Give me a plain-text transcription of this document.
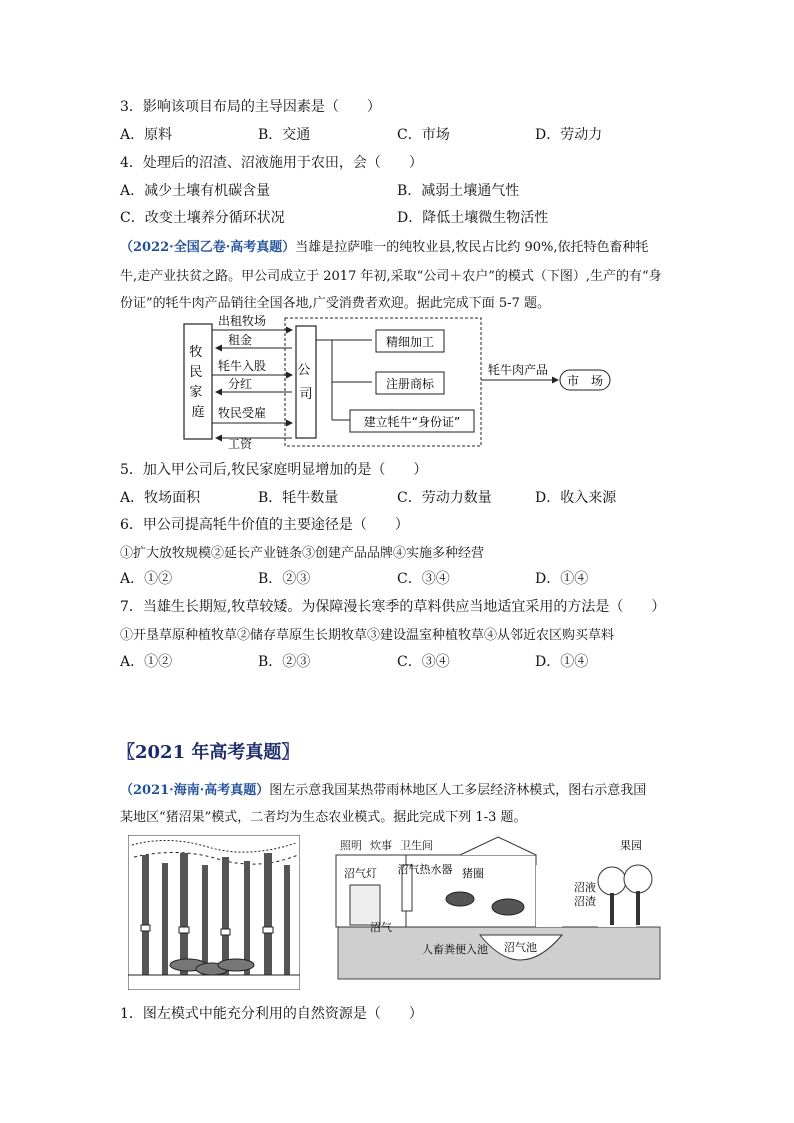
3．影响该项目布局的主导因素是（　　）
A．原料	B．交通	C．市场	D．劳动力
4．处理后的沼渣、沼液施用于农田，会（　　）
A．减少土壤有机碳含量	B．减弱土壤通气性
C．改变土壤养分循环状况	D．降低土壤微生物活性
（2022·全国乙卷·高考真题）当雄是拉萨唯一的纯牧业县,牧民占比约 90%,依托特色畜种牦
牛,走产业扶贫之路。甲公司成立于 2017 年初,采取“公司＋农户”的模式（下图）,生产的有“身
份证”的牦牛肉产品销往全国各地,广受消费者欢迎。据此完成下面 5-7 题。
牧 民 家 庭
公 司
出租牧场
租金
牦牛入股
分红
牧民受雇
工资
精细加工
注册商标
建立牦牛“身份证”
牦牛肉产品
市　场
5．加入甲公司后,牧民家庭明显增加的是（　　）
A．牧场面积	B．牦牛数量	C．劳动力数量	D．收入来源
6．甲公司提高牦牛价值的主要途径是（　　）
①扩大放牧规模②延长产业链条③创建产品品牌④实施多种经营
A．①②	B．②③	C．③④	D．①④
7．当雄生长期短,牧草较矮。为保障漫长寒季的草料供应当地适宜采用的方法是（　　）
①开垦草原种植牧草②储存草原生长期牧草③建设温室种植牧草④从邻近农区购买草料
A．①②	B．②③	C．③④	D．①④
〖2021 年高考真题〗
（2021·海南·高考真题）图左示意我国某热带雨林地区人工多层经济林模式，图右示意我国
某地区“猪沼果”模式，二者均为生态农业模式。据此完成下列 1-3 题。
照明 炊事 卫生间
沼气灯 沼气热水器 猪圈
果园
沼液
沼渣
沼气
人畜粪便入池 沼气池
1．图左模式中能充分利用的自然资源是（　　）
